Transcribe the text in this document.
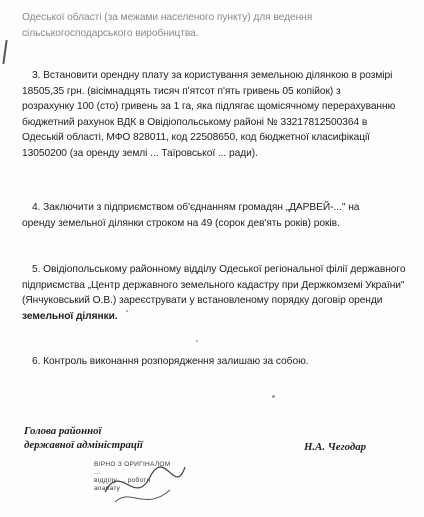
Одеської області (за межами населеного пункту) для ведення
сільськогосподарського виробництва.
3. Встановити орендну плату за користування земельною ділянкою в розмірі
18505,35 грн. (вісімнадцять тисяч п'ятсот п'ять гривень 05 копійок) з
розрахунку 100 (сто) гривень за 1 га, яка підлягає щомісячному перерахуванню
бюджетний рахунок ВДК в Овідіопольському районі № 33217812500364 в
Одеській області, МФО 828011, код 22508650, код бюджетної класифікації
13050200 (за оренду землі ... Таїровської ... ради).
4. Заключити з підприємством об'єднанням громадян „ДАРВЕЙ-..." на
оренду земельної ділянки строком на 49 (сорок дев'ять років) років.
5. Овідіопольському районному відділу Одеської регіональної філії державного
підприємства „Центр державного земельного кадастру при Держкомземі України"
(Янчуковський О.В.) зареєструвати у встановленому порядку договір оренди
земельної ділянки.
6. Контроль виконання розпорядження залишаю за собою.
Голова районної
державної адміністрації	Н.А. Чегодар
ВІРНО З ОРИГІНАЛОМ
...
відділу ... роботи
апарату
